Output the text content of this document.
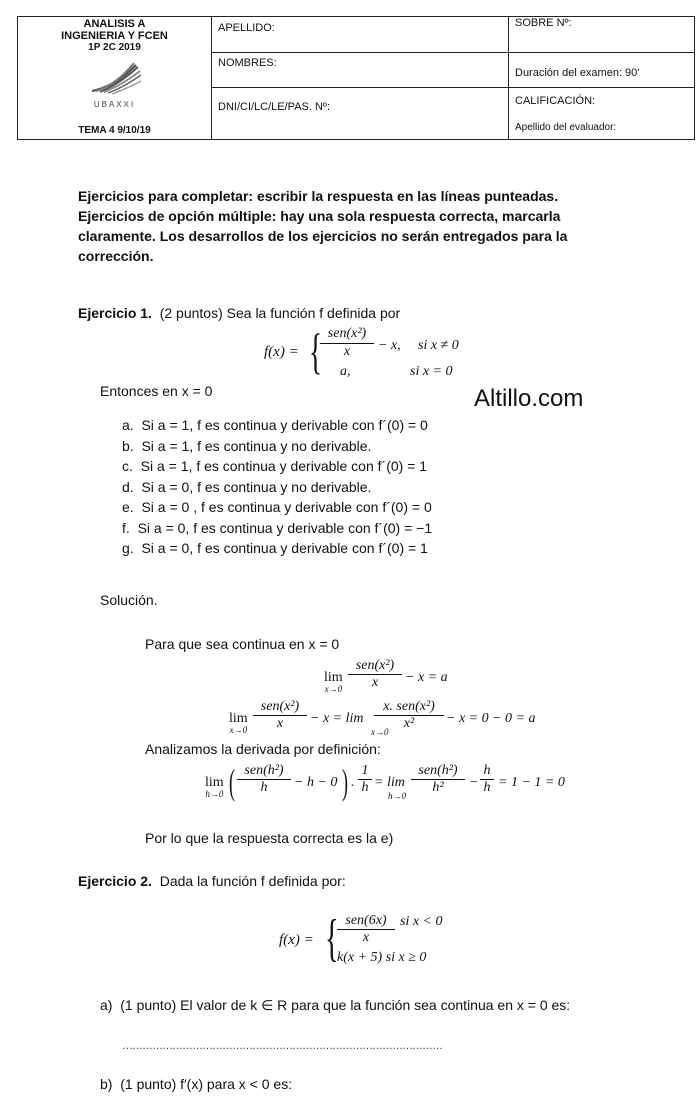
ANALISIS A
INGENIERIA Y FCEN
1P 2C 2019
UBAXXI
TEMA 4 9/10/19
APELLIDO:
NOMBRES:
DNI/CI/LC/LE/PAS. Nº:
SOBRE Nº:
Duración del examen: 90'
CALIFICACIÓN:
Apellido del evaluador:
Ejercicios para completar: escribir la respuesta en las líneas punteadas.
Ejercicios de opción múltiple: hay una sola respuesta correcta, marcarla
claramente. Los desarrollos de los ejercicios no serán entregados para la
corrección.
Altillo.com
Ejercicio 1. (2 puntos) Sea la función f definida por
f(x) = { sen(x²)
x	− x, si x ≠ 0
a,	si x = 0
Entonces en x = 0
a. Si a = 1, f es continua y derivable con f´(0) = 0
b. Si a = 1, f es continua y no derivable.
c. Si a = 1, f es continua y derivable con f´(0) = 1
d. Si a = 0, f es continua y no derivable.
e. Si a = 0 , f es continua y derivable con f´(0) = 0
f. Si a = 0, f es continua y derivable con f´(0) = −1
g. Si a = 0, f es continua y derivable con f´(0) = 1
Solución.
Para que sea continua en x = 0
lim
x→0
sen(x²)
x	− x = a
lim
x→0
sen(x²)
x	− x = lim
x. sen(x²)
x²
x→0
− x = 0 − 0 = a
Analizamos la derivada por definición:
lim
h→0 ( sen(h²)
h	− h − 0 ) .
1
h = lim
h→0
sen(h²)
h²	−
h
h = 1 − 1 = 0
Por lo que la respuesta correcta es la e)
Ejercicio 2. Dada la función f definida por:
f(x) = { sen(6x)
x
si x < 0
k(x + 5) si x ≥ 0
a) (1 punto) El valor de k ∈ R para que la función sea continua en x = 0 es:
……………………………………………………………………………………
b) (1 punto) f′(x) para x < 0 es:
